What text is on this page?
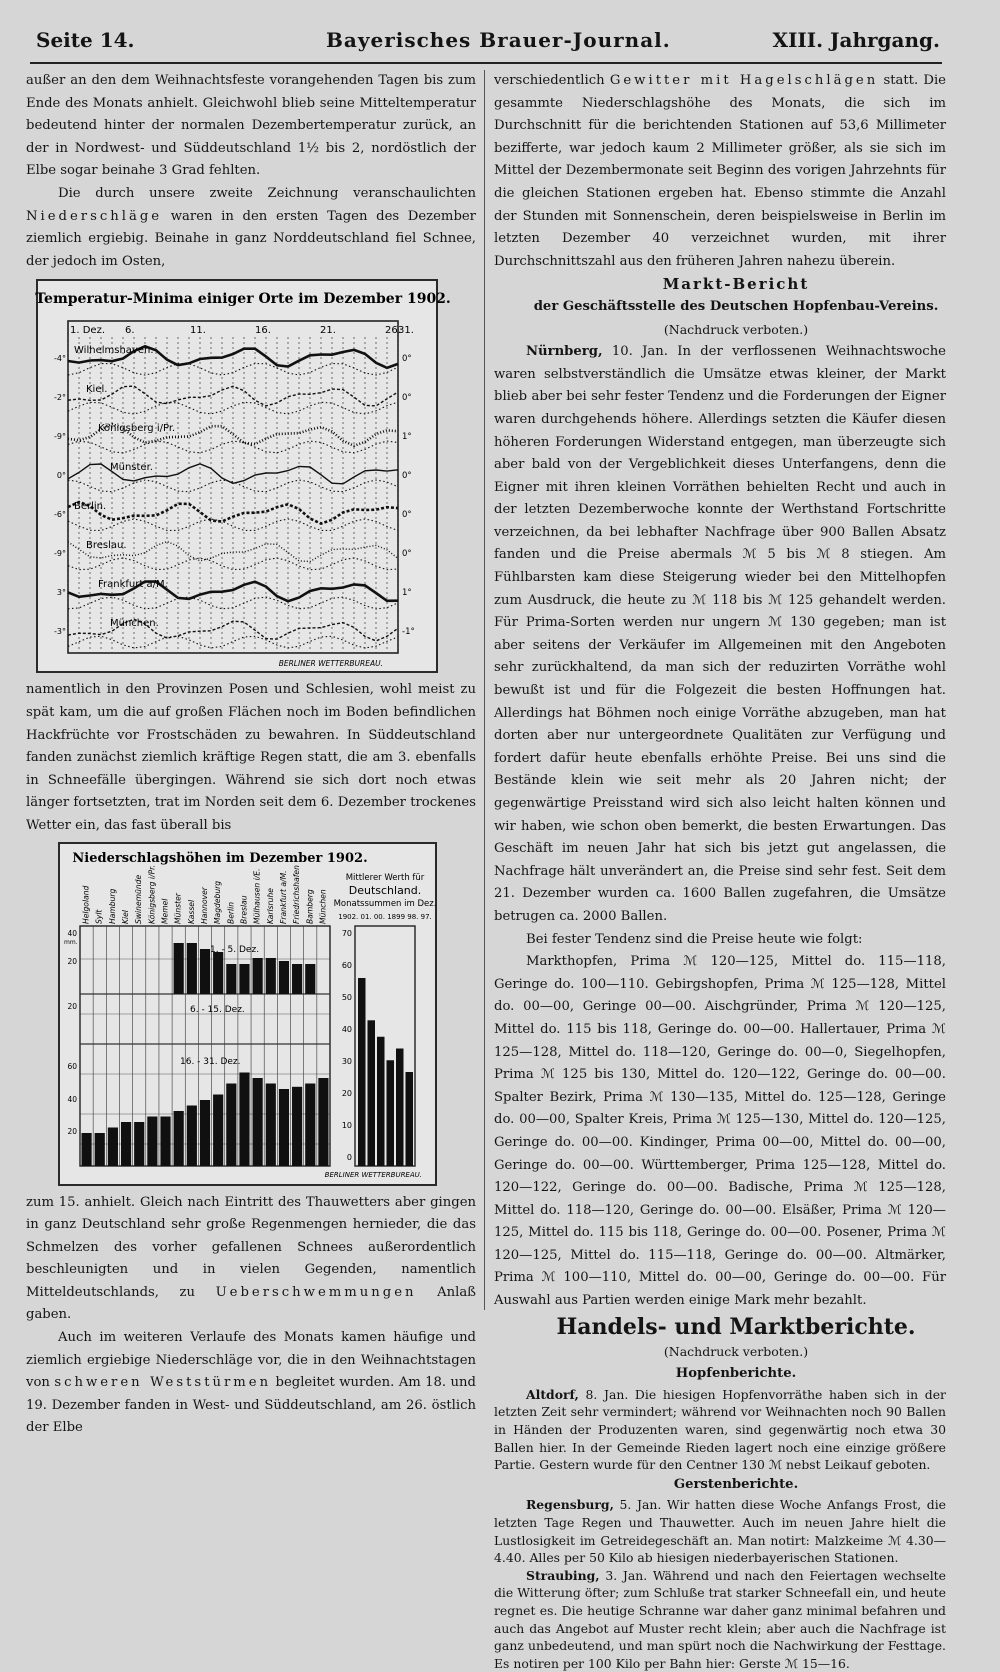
Seite 14.	Bayerisches Brauer-Journal.	XIII. Jahrgang.

außer an den dem Weihnachtsfeste vorangehenden Tagen bis zum Ende des Monats anhielt. Gleichwohl blieb seine Mitteltemperatur bedeutend hinter der normalen Dezembertemperatur zurück, an der in Nordwest- und Süddeutschland 1½ bis 2, nordöstlich der Elbe sogar beinahe 3 Grad fehlten.

Die durch unsere zweite Zeichnung veranschaulichten Niederschläge waren in den ersten Tagen des Dezember ziemlich ergiebig. Beinahe in ganz Norddeutschland fiel Schnee, der jedoch im Osten,

Temperatur-Minima einiger Orte im Dezember 1902.
1. Dez. 6.	11.	16.	21.	26.
31.
Wilhelmshaven.
-4°	0°
Kiel.
-2°	0°
Königsberg i/Pr.
-9°	1°
Münster.
0°	0°
Berlin.
-6°	0°
Breslau.
-9°	0°
Frankfurt a/M.
3°	1°
München.
-3°	-1°
BERLINER WETTERBUREAU.

namentlich in den Provinzen Posen und Schlesien, wohl meist zu spät kam, um die auf großen Flächen noch im Boden befindlichen Hackfrüchte vor Frostschäden zu bewahren. In Süddeutschland fanden zunächst ziemlich kräftige Regen statt, die am 3. ebenfalls in Schneefälle übergingen. Während sie sich dort noch etwas länger fortsetzten, trat im Norden seit dem 6. Dezember trockenes Wetter ein, das fast überall bis

Niederschlagshöhen im Dezember 1902.
Helgoland Sylt Hamburg Kiel Swinemünde Königsberg i/Pr. Memel Münster Kassel Hannover Magdeburg Berlin Breslau Mülhausen i/E. Karlsruhe Frankfurt a/M. Friedrichshafen Bamberg München
1. - 5. Dez.
6. - 15. Dez.
16. - 31. Dez.
40
20
20
60
40
20
mm.
70
60
50
40
30
20
10
0
Mittlerer Werth für
Deutschland.
Monatssummen im Dez.
1902. 01. 00. 1899 98. 97.
BERLINER WETTERBUREAU.

zum 15. anhielt. Gleich nach Eintritt des Thauwetters aber gingen in ganz Deutschland sehr große Regenmengen hernieder, die das Schmelzen des vorher gefallenen Schnees außerordentlich beschleunigten und in vielen Gegenden, namentlich Mitteldeutschlands, zu Ueberschwemmungen Anlaß gaben.

Auch im weiteren Verlaufe des Monats kamen häufige und ziemlich ergiebige Niederschläge vor, die in den Weihnachtstagen von schweren Weststürmen begleitet wurden. Am 18. und 19. Dezember fanden in West- und Süddeutschland, am 26. östlich der Elbe

verschiedentlich Gewitter mit Hagelschlägen statt. Die gesammte Niederschlagshöhe des Monats, die sich im Durchschnitt für die berichtenden Stationen auf 53,6 Millimeter bezifferte, war jedoch kaum 2 Millimeter größer, als sie sich im Mittel der Dezembermonate seit Beginn des vorigen Jahrzehnts für die gleichen Stationen ergeben hat. Ebenso stimmte die Anzahl der Stunden mit Sonnenschein, deren beispielsweise in Berlin im letzten Dezember 40 verzeichnet wurden, mit ihrer Durchschnittszahl aus den früheren Jahren nahezu überein.

Markt-Bericht

der Geschäftsstelle des Deutschen Hopfenbau-Vereins.

(Nachdruck verboten.)

Nürnberg, 10. Jan. In der verflossenen Weihnachtswoche waren selbstverständlich die Umsätze etwas kleiner, der Markt blieb aber bei sehr fester Tendenz und die Forderungen der Eigner waren durchgehends höhere. Allerdings setzten die Käufer diesen höheren Forderungen Widerstand entgegen, man überzeugte sich aber bald von der Vergeblichkeit dieses Unterfangens, denn die Eigner mit ihren kleinen Vorräthen behielten Recht und auch in der letzten Dezemberwoche konnte der Werthstand Fortschritte verzeichnen, da bei lebhafter Nachfrage über 900 Ballen Absatz fanden und die Preise abermals ℳ 5 bis ℳ 8 stiegen. Am Fühlbarsten kam diese Steigerung wieder bei den Mittelhopfen zum Ausdruck, die heute zu ℳ 118 bis ℳ 125 gehandelt werden. Für Prima-Sorten werden nur ungern ℳ 130 gegeben; man ist aber seitens der Verkäufer im Allgemeinen mit den Angeboten sehr zurückhaltend, da man sich der reduzirten Vorräthe wohl bewußt ist und für die Folgezeit die besten Hoffnungen hat. Allerdings hat Böhmen noch einige Vorräthe abzugeben, man hat dorten aber nur untergeordnete Qualitäten zur Verfügung und fordert dafür heute ebenfalls erhöhte Preise. Bei uns sind die Bestände klein wie seit mehr als 20 Jahren nicht; der gegenwärtige Preisstand wird sich also leicht halten können und wir haben, wie schon oben bemerkt, die besten Erwartungen. Das Geschäft im neuen Jahr hat sich bis jetzt gut angelassen, die Nachfrage hält unverändert an, die Preise sind sehr fest. Seit dem 21. Dezember wurden ca. 1600 Ballen zugefahren, die Umsätze betrugen ca. 2000 Ballen.

Bei fester Tendenz sind die Preise heute wie folgt:

Markthopfen, Prima ℳ 120—125, Mittel do. 115—118, Geringe do. 100—110. Gebirgshopfen, Prima ℳ 125—128, Mittel do. 00—00, Geringe 00—00. Aischgründer, Prima ℳ 120—125, Mittel do. 115 bis 118, Geringe do. 00—00. Hallertauer, Prima ℳ 125—128, Mittel do. 118—120, Geringe do. 00—0, Siegelhopfen, Prima ℳ 125 bis 130, Mittel do. 120—122, Geringe do. 00—00. Spalter Bezirk, Prima ℳ 130—135, Mittel do. 125—128, Geringe do. 00—00, Spalter Kreis, Prima ℳ 125—130, Mittel do. 120—125, Geringe do. 00—00. Kindinger, Prima 00—00, Mittel do. 00—00, Geringe do. 00—00. Württemberger, Prima 125—128, Mittel do. 120—122, Geringe do. 00—00. Badische, Prima ℳ 125—128, Mittel do. 118—120, Geringe do. 00—00. Elsäßer, Prima ℳ 120—125, Mittel do. 115 bis 118, Geringe do. 00—00. Posener, Prima ℳ 120—125, Mittel do. 115—118, Geringe do. 00—00. Altmärker, Prima ℳ 100—110, Mittel do. 00—00, Geringe do. 00—00. Für Auswahl aus Partien werden einige Mark mehr bezahlt.

Handels- und Marktberichte.

(Nachdruck verboten.)

Hopfenberichte.

Altdorf, 8. Jan. Die hiesigen Hopfenvorräthe haben sich in der letzten Zeit sehr vermindert; während vor Weihnachten noch 90 Ballen in Händen der Produzenten waren, sind gegenwärtig noch etwa 30 Ballen hier. In der Gemeinde Rieden lagert noch eine einzige größere Partie. Gestern wurde für den Centner 130 ℳ nebst Leikauf geboten.

Gerstenberichte.

Regensburg, 5. Jan. Wir hatten diese Woche Anfangs Frost, die letzten Tage Regen und Thauwetter. Auch im neuen Jahre hielt die Lustlosigkeit im Getreidegeschäft an. Man notirt: Malzkeime ℳ 4.30—4.40. Alles per 50 Kilo ab hiesigen niederbayerischen Stationen.

Straubing, 3. Jan. Während und nach den Feiertagen wechselte die Witterung öfter; zum Schluße trat starker Schneefall ein, und heute regnet es. Die heutige Schranne war daher ganz minimal befahren und auch das Angebot auf Muster recht klein; aber auch die Nachfrage ist ganz unbedeutend, und man spürt noch die Nachwirkung der Festtage. Es notiren per 100 Kilo per Bahn hier: Gerste ℳ 15—16.
